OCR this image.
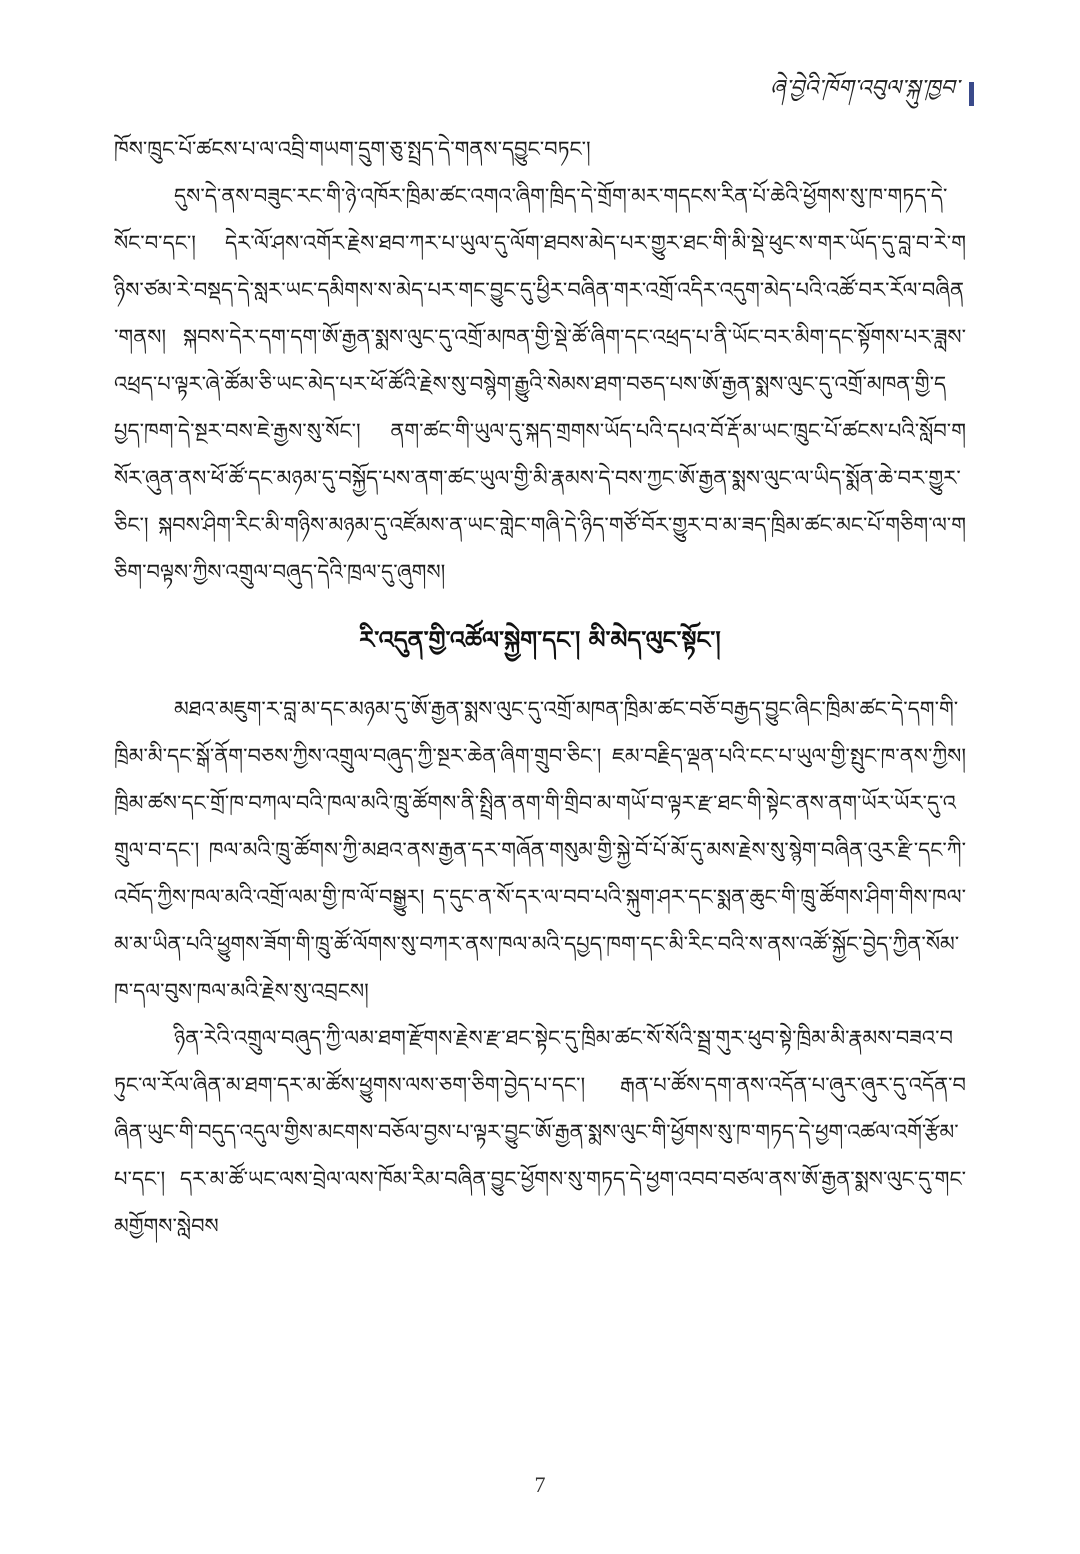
ཞེ་བྱེའི་ཁོག་འབུལ་སྐུ་ཁྱབ་

ཁོས་ཁྲུང་པོ་ཚངས་པ་ལ་འབྲི་གཡག་དྲུག་ཅུ་སྤྲད་དེ་གནས་དབྱུང་བཏང་།

དུས་དེ་ནས་བཟུང་རང་གི་ཉེ་འཁོར་ཁྲིམ་ཚང་འགའ་ཞིག་ཁྲིད་དེ་གྲོག་མར་གདངས་རིན་པོ་ཆེའི་ཕྱོགས་སུ་ཁ་གཏད་དེ་སོང་བ་དང་། དེར་ལོ་ཤས་འགོར་རྗེས་ཐབ་ཀར་པ་ཡུལ་དུ་ལོག་ཐབས་མེད་པར་གྱུར་ཐང་གི་མི་སྡེ་ཕུང་ས་གར་ཡོད་དུ་བླ་བ་རེ་གཉིས་ཙམ་རེ་བསྡད་དེ་སླར་ཡང་དམིགས་ས་མེད་པར་གང་བྱུང་དུ་ཕྱིར་བཞིན་གར་འགྲོ་འདིར་འདུག་མེད་པའི་འཚོ་བར་རོལ་བཞིན་གནས། སྐབས་དེར་དག་དག་ཨོ་རྒྱན་སྨས་ལུང་དུ་འགྲོ་མཁན་གྱི་སྡེ་ཚོ་ཞིག་དང་འཕྲད་པ་ནི་ཡོང་བར་མིག་དང་སྟོགས་པར་ཟླས་འཕྲད་པ་ལྟར་ཞེ་ཚོམ་ཅི་ཡང་མེད་པར་ཕོ་ཚོའི་རྗེས་སུ་བསྙེག་རྒྱུའི་སེམས་ཐག་བཅད་པས་ཨོ་རྒྱན་སྨས་ལུང་དུ་འགྲོ་མཁན་གྱི་དཔྱད་ཁག་དེ་སྔར་བས་ཇེ་རྒྱས་སུ་སོང་། ནག་ཚང་གི་ཡུལ་དུ་སྐད་གྲགས་ཡོད་པའི་དཔའ་བོ་རྡོ་མ་ཡང་ཁྲུང་པོ་ཚངས་པའི་སློབ་གསོར་ཞུན་ནས་ཕོ་ཚོ་དང་མཉམ་དུ་བསྐྱོད་པས་ནག་ཚང་ཡུལ་གྱི་མི་རྣམས་དེ་བས་ཀྱང་ཨོ་རྒྱན་སྨས་ལུང་ལ་ཡིད་སྨོན་ཆེ་བར་གྱུར་ཅིང་། སྐབས་ཤིག་རིང་མི་གཉིས་མཉམ་དུ་འཛོམས་ན་ཡང་གླེང་གཞི་དེ་ཉིད་གཙོ་བོར་གྱུར་བ་མ་ཟད་ཁྲིམ་ཚང་མང་པོ་གཅིག་ལ་གཅིག་བལྟས་ཀྱིས་འགྲུལ་བཞུད་དེའི་ཁྲལ་དུ་ཞུགས།

རི་འདུན་གྱི་འཚོལ་སྐྱེག་དང་། མི་མེད་ལུང་སྟོང་།

མཐའ་མཇུག་ར་བླ་མ་དང་མཉམ་དུ་ཨོ་རྒྱན་སྨས་ལུང་དུ་འགྲོ་མཁན་ཁྲིམ་ཚང་བཅོ་བརྒྱད་བྱུང་ཞིང་ཁྲིམ་ཚང་དེ་དག་གི་ཁྲིམ་མི་དང་སྒོ་ནོག་བཅས་ཀྱིས་འགྲུལ་བཞུད་ཀྱི་སྔར་ཆེན་ཞིག་གྲུབ་ཅིང་། ཇམ་བརྗིད་ལྡན་པའི་ངང་པ་ཡུལ་གྱི་སྤུང་ཁ་ནས་ཀྱིས། ཁྲིམ་ཚས་དང་གྲོ་ཁ་བཀལ་བའི་ཁལ་མའི་ཁྲུ་ཚོགས་ནི་སྤྲིན་ནག་གི་གྲིབ་མ་གཡོ་བ་ལྟར་རྫ་ཐང་གི་སྟེང་ནས་ནག་ཡོར་ཡོར་དུ་འགྲུལ་བ་དང་། ཁལ་མའི་ཁྲུ་ཚོགས་ཀྱི་མཐའ་ནས་རྒྱན་དར་གཞོན་གསུམ་གྱི་སྐྱེ་བོ་པོ་མོ་དུ་མས་རྗེས་སུ་སྙེག་བཞིན་འུར་རྫི་དང་ཀི་འབོད་ཀྱིས་ཁལ་མའི་འགྲོ་ལམ་གྱི་ཁ་ལོ་བསྒྱུར། ད་དུང་ན་སོ་དར་ལ་བབ་པའི་སྐུག་ཤར་དང་སྨན་ཆུང་གི་ཁྲུ་ཚོགས་ཤིག་གིས་ཁལ་མ་མ་ཡིན་པའི་ཕྱུགས་ཟོག་གི་ཁྲུ་ཚོ་ལོགས་སུ་བཀར་ནས་ཁལ་མའི་དཔྱད་ཁག་དང་མི་རིང་བའི་ས་ནས་འཚོ་སྐྱོང་བྱེད་ཀྱིན་སོམ་ཁ་དལ་བུས་ཁལ་མའི་རྗེས་སུ་འབྲངས།

ཉིན་རེའི་འགྲུལ་བཞུད་ཀྱི་ལམ་ཐག་རྫོགས་རྗེས་རྫ་ཐང་སྟེང་དུ་ཁྲིམ་ཚང་སོ་སོའི་སྦྲ་གུར་ཕུབ་སྟེ་ཁྲིམ་མི་རྣམས་བཟའ་བཏུང་ལ་རོལ་ཞིན་མ་ཐག་དར་མ་ཚོས་ཕྱུགས་ལས་ཅག་ཅིག་བྱེད་པ་དང་། རྒན་པ་ཚོས་དག་ནས་འདོན་པ་ཞུར་ཞུར་དུ་འདོན་བཞིན་ཡུང་གི་བདུད་འདུལ་གྱིས་མངགས་བཅོལ་བྱས་པ་ལྟར་བྱུང་ཨོ་རྒྱན་སྨས་ལུང་གི་ཕྱོགས་སུ་ཁ་གཏད་དེ་ཕྱག་འཚལ་འགོ་རྩོམ་པ་དང་། དར་མ་ཚོ་ཡང་ལས་བྲེལ་ལས་ཁོམ་རིམ་བཞིན་བྱུང་ཕྱོགས་སུ་གཏད་དེ་ཕྱག་འབབ་བཙལ་ནས་ཨོ་རྒྱན་སྨས་ལུང་དུ་གང་མགྱོགས་སླེབས

7
